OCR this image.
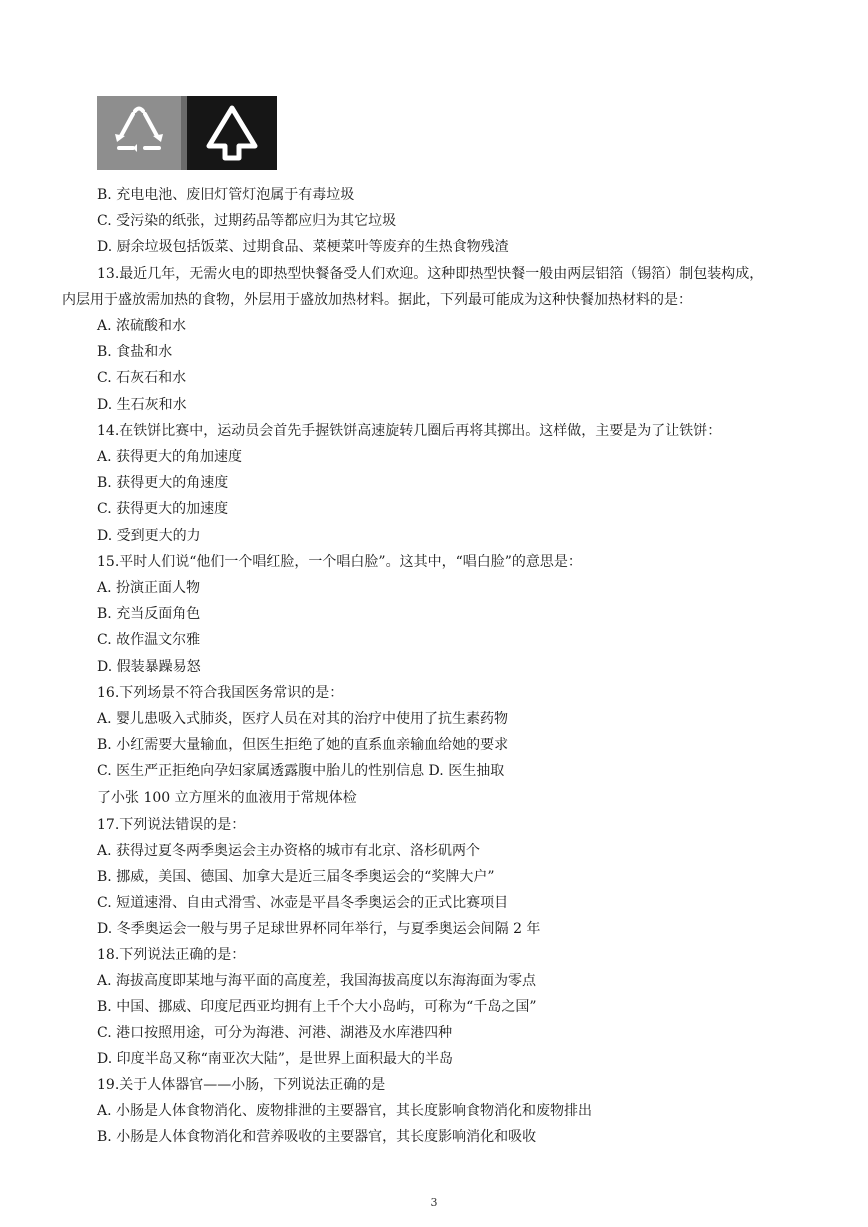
B. 充电电池、废旧灯管灯泡属于有毒垃圾
C. 受污染的纸张，过期药品等都应归为其它垃圾
D. 厨余垃圾包括饭菜、过期食品、菜梗菜叶等废弃的生热食物残渣
13.最近几年，无需火电的即热型快餐备受人们欢迎。这种即热型快餐一般由两层铝箔（锡箔）制包装构成，
内层用于盛放需加热的食物，外层用于盛放加热材料。据此，下列最可能成为这种快餐加热材料的是：
A. 浓硫酸和水
B. 食盐和水
C. 石灰石和水
D. 生石灰和水
14.在铁饼比赛中，运动员会首先手握铁饼高速旋转几圈后再将其掷出。这样做，主要是为了让铁饼：
A. 获得更大的角加速度
B. 获得更大的角速度
C. 获得更大的加速度
D. 受到更大的力
15.平时人们说“他们一个唱红脸，一个唱白脸”。这其中，“唱白脸”的意思是：
A. 扮演正面人物
B. 充当反面角色
C. 故作温文尔雅
D. 假装暴躁易怒
16.下列场景不符合我国医务常识的是：
A. 婴儿患吸入式肺炎，医疗人员在对其的治疗中使用了抗生素药物
B. 小红需要大量输血，但医生拒绝了她的直系血亲输血给她的要求
C. 医生严正拒绝向孕妇家属透露腹中胎儿的性别信息 D. 医生抽取
了小张 100 立方厘米的血液用于常规体检
17.下列说法错误的是：
A. 获得过夏冬两季奥运会主办资格的城市有北京、洛杉矶两个
B. 挪威，美国、德国、加拿大是近三届冬季奥运会的“奖牌大户”
C. 短道速滑、自由式滑雪、冰壶是平昌冬季奥运会的正式比赛项目
D. 冬季奥运会一般与男子足球世界杯同年举行，与夏季奥运会间隔 2 年
18.下列说法正确的是：
A. 海拔高度即某地与海平面的高度差，我国海拔高度以东海海面为零点
B. 中国、挪威、印度尼西亚均拥有上千个大小岛屿，可称为“千岛之国”
C. 港口按照用途，可分为海港、河港、湖港及水库港四种
D. 印度半岛又称“南亚次大陆”，是世界上面积最大的半岛
19.关于人体器官——小肠，下列说法正确的是
A. 小肠是人体食物消化、废物排泄的主要器官，其长度影响食物消化和废物排出
B. 小肠是人体食物消化和营养吸收的主要器官，其长度影响消化和吸收
3
